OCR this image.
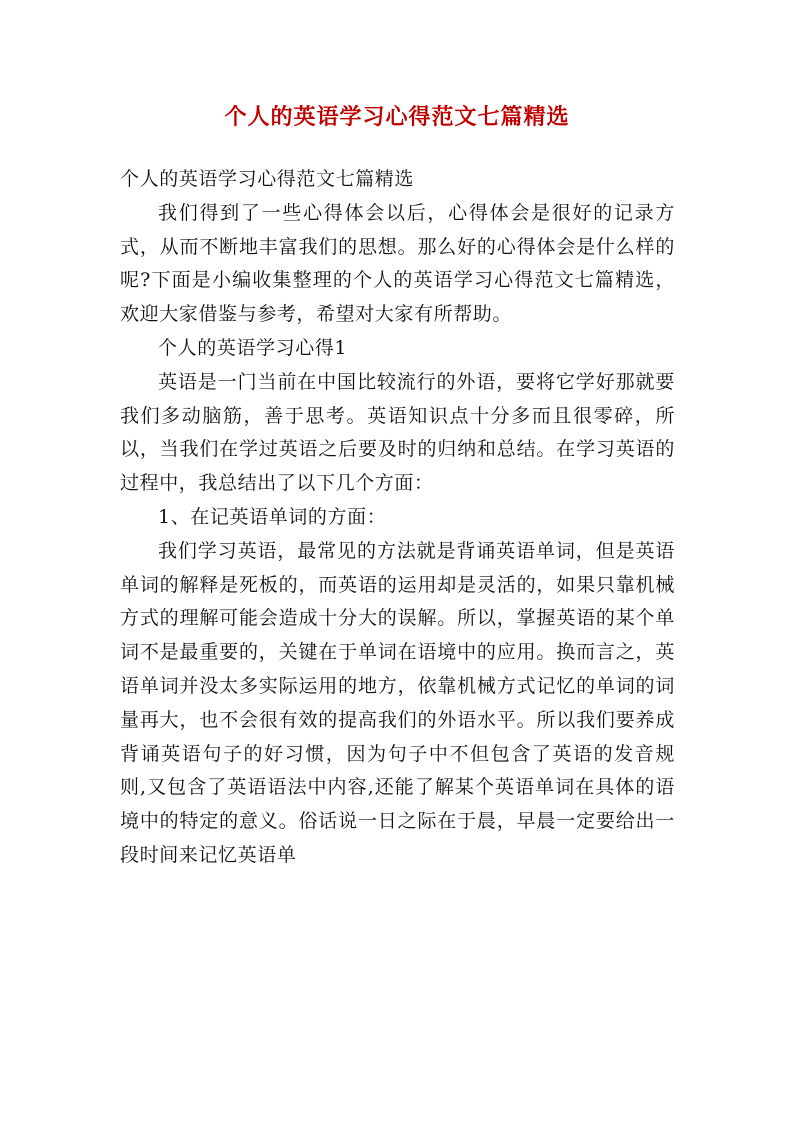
个人的英语学习心得范文七篇精选

个人的英语学习心得范文七篇精选

我们得到了一些心得体会以后，心得体会是很好的记录方式，从而不断地丰富我们的思想。那么好的心得体会是什么样的呢?下面是小编收集整理的个人的英语学习心得范文七篇精选，欢迎大家借鉴与参考，希望对大家有所帮助。

个人的英语学习心得1

英语是一门当前在中国比较流行的外语，要将它学好那就要我们多动脑筋，善于思考。英语知识点十分多而且很零碎，所以，当我们在学过英语之后要及时的归纳和总结。在学习英语的过程中，我总结出了以下几个方面：

1、在记英语单词的方面：

我们学习英语，最常见的方法就是背诵英语单词，但是英语单词的解释是死板的，而英语的运用却是灵活的，如果只靠机械方式的理解可能会造成十分大的误解。所以，掌握英语的某个单词不是最重要的，关键在于单词在语境中的应用。换而言之，英语单词并没太多实际运用的地方，依靠机械方式记忆的单词的词量再大，也不会很有效的提高我们的外语水平。所以我们要养成背诵英语句子的好习惯，因为句子中不但包含了英语的发音规则,又包含了英语语法中内容,还能了解某个英语单词在具体的语境中的特定的意义。俗话说一日之际在于晨，早晨一定要给出一段时间来记忆英语单
